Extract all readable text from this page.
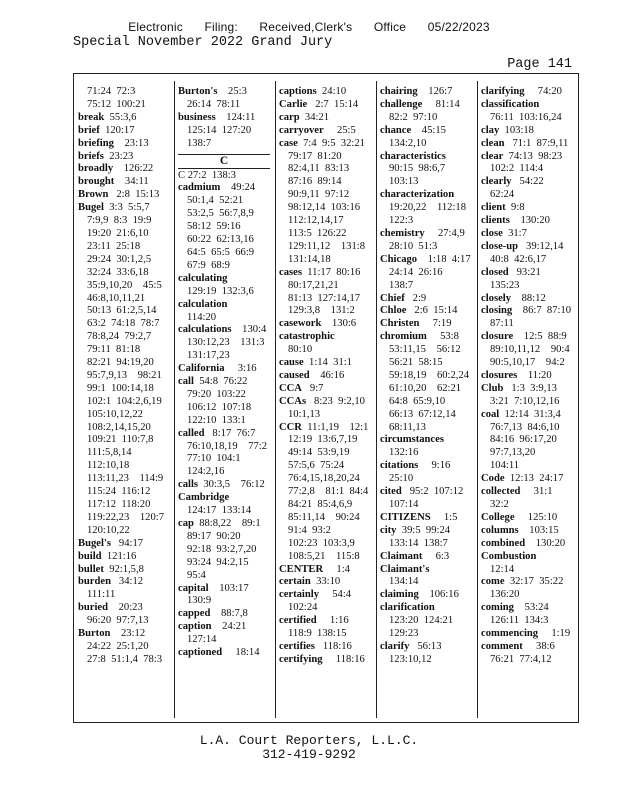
Electronic Filing: Received,Clerk's Office 05/22/2023
Special November 2022 Grand Jury
Page 141
71:24  72:3
75:12  100:21
break  55:3,6
brief  120:17
briefing    23:13
briefs  23:23
broadly    126:22
brought    34:11
Brown   2:8  15:13
Bugel  3:3  5:5,7
7:9,9  8:3  19:9
19:20  21:6,10
23:11  25:18
29:24  30:1,2,5
32:24  33:6,18
35:9,10,20    45:5
46:8,10,11,21
50:13  61:2,5,14
63:2  74:18  78:7
78:8,24  79:2,7
79:11  81:18
82:21  94:19,20
95:7,9,13    98:21
99:1  100:14,18
102:1  104:2,6,19
105:10,12,22
108:2,14,15,20
109:21  110:7,8
111:5,8,14
112:10,18
113:11,23    114:9
115:24  116:12
117:12  118:20
119:22,23    120:7
120:10,22
Bugel's   94:17
build  121:16
bullet  92:1,5,8
burden   34:12
111:11
buried    20:23
96:20  97:7,13
Burton    23:12
24:22  25:1,20
27:8  51:1,4  78:3
Burton's    25:3
26:14  78:11
business    124:11
125:14  127:20
138:7
C
C 27:2  138:3
cadmium    49:24
50:1,4  52:21
53:2,5  56:7,8,9
58:12  59:16
60:22  62:13,16
64:5  65:5  66:9
67:9  68:9
calculating
129:19  132:3,6
calculation
114:20
calculations    130:4
130:12,23    131:3
131:17,23
California     3:16
call  54:8  76:22
79:20  103:22
106:12  107:18
122:10  133:1
called   8:17  76:7
76:10,18,19    77:2
77:10  104:1
124:2,16
calls  30:3,5    76:12
Cambridge
124:17  133:14
cap  88:8,22    89:1
89:17  90:20
92:18  93:2,7,20
93:24  94:2,15
95:4
capital    103:17
130:9
capped    88:7,8
caption    24:21
127:14
captioned     18:14
captions  24:10
Carlie   2:7  15:14
carp  34:21
carryover     25:5
case  7:4  9:5  32:21
79:17  81:20
82:4,11  83:13
87:16  89:14
90:9,11  97:12
98:12,14  103:16
112:12,14,17
113:5  126:22
129:11,12    131:8
131:14,18
cases  11:17  80:16
80:17,21,21
81:13  127:14,17
129:3,8    131:2
casework    130:6
catastrophic
80:10
cause  1:14  31:1
caused    46:16
CCA   9:7
CCAs   8:23  9:2,10
10:1,13
CCR  11:1,19    12:1
12:19  13:6,7,19
49:14  53:9,19
57:5,6  75:24
76:4,15,18,20,24
77:2,8    81:1  84:4
84:21  85:4,6,9
85:11,14    90:24
91:4  93:2
102:23  103:3,9
108:5,21    115:8
CENTER     1:4
certain  33:10
certainly     54:4
102:24
certified     1:16
118:9  138:15
certifies   118:16
certifying     118:16
chairing    126:7
challenge     81:14
82:2  97:10
chance    45:15
134:2,10
characteristics
90:15  98:6,7
103:13
characterization
19:20,22    112:18
122:3
chemistry     27:4,9
28:10  51:3
Chicago    1:18  4:17
24:14  26:16
138:7
Chief   2:9
Chloe   2:6  15:14
Christen     7:19
chromium     53:8
53:11,15    56:12
56:21  58:15
59:18,19    60:2,24
61:10,20    62:21
64:8  65:9,10
66:13  67:12,14
68:11,13
circumstances
132:16
citations     9:16
25:10
cited   95:2  107:12
107:14
CITIZENS     1:5
city  39:5  99:24
133:14  138:7
Claimant     6:3
Claimant's
134:14
claiming    106:16
clarification
123:20  124:21
129:23
clarify   56:13
123:10,12
clarifying     74:20
classification
76:11  103:16,24
clay  103:18
clean   71:1  87:9,11
clear  74:13  98:23
102:2  114:4
clearly   54:22
62:24
client  9:8
clients    130:20
close  31:7
close-up   39:12,14
40:8  42:6,17
closed   93:21
135:23
closely    88:12
closing    86:7  87:10
87:11
closure    12:5  88:9
89:10,11,12    90:4
90:5,10,17    94:2
closures    11:20
Club   1:3  3:9,13
3:21  7:10,12,16
coal  12:14  31:3,4
76:7,13  84:6,10
84:16  96:17,20
97:7,13,20
104:11
Code  12:13  24:17
collected     31:1
32:2
College     125:10
columns    103:15
combined    130:20
Combustion
12:14
come  32:17  35:22
136:20
coming    53:24
126:11  134:3
commencing     1:19
comment     38:6
76:21  77:4,12
L.A. Court Reporters, L.L.C.
312-419-9292
